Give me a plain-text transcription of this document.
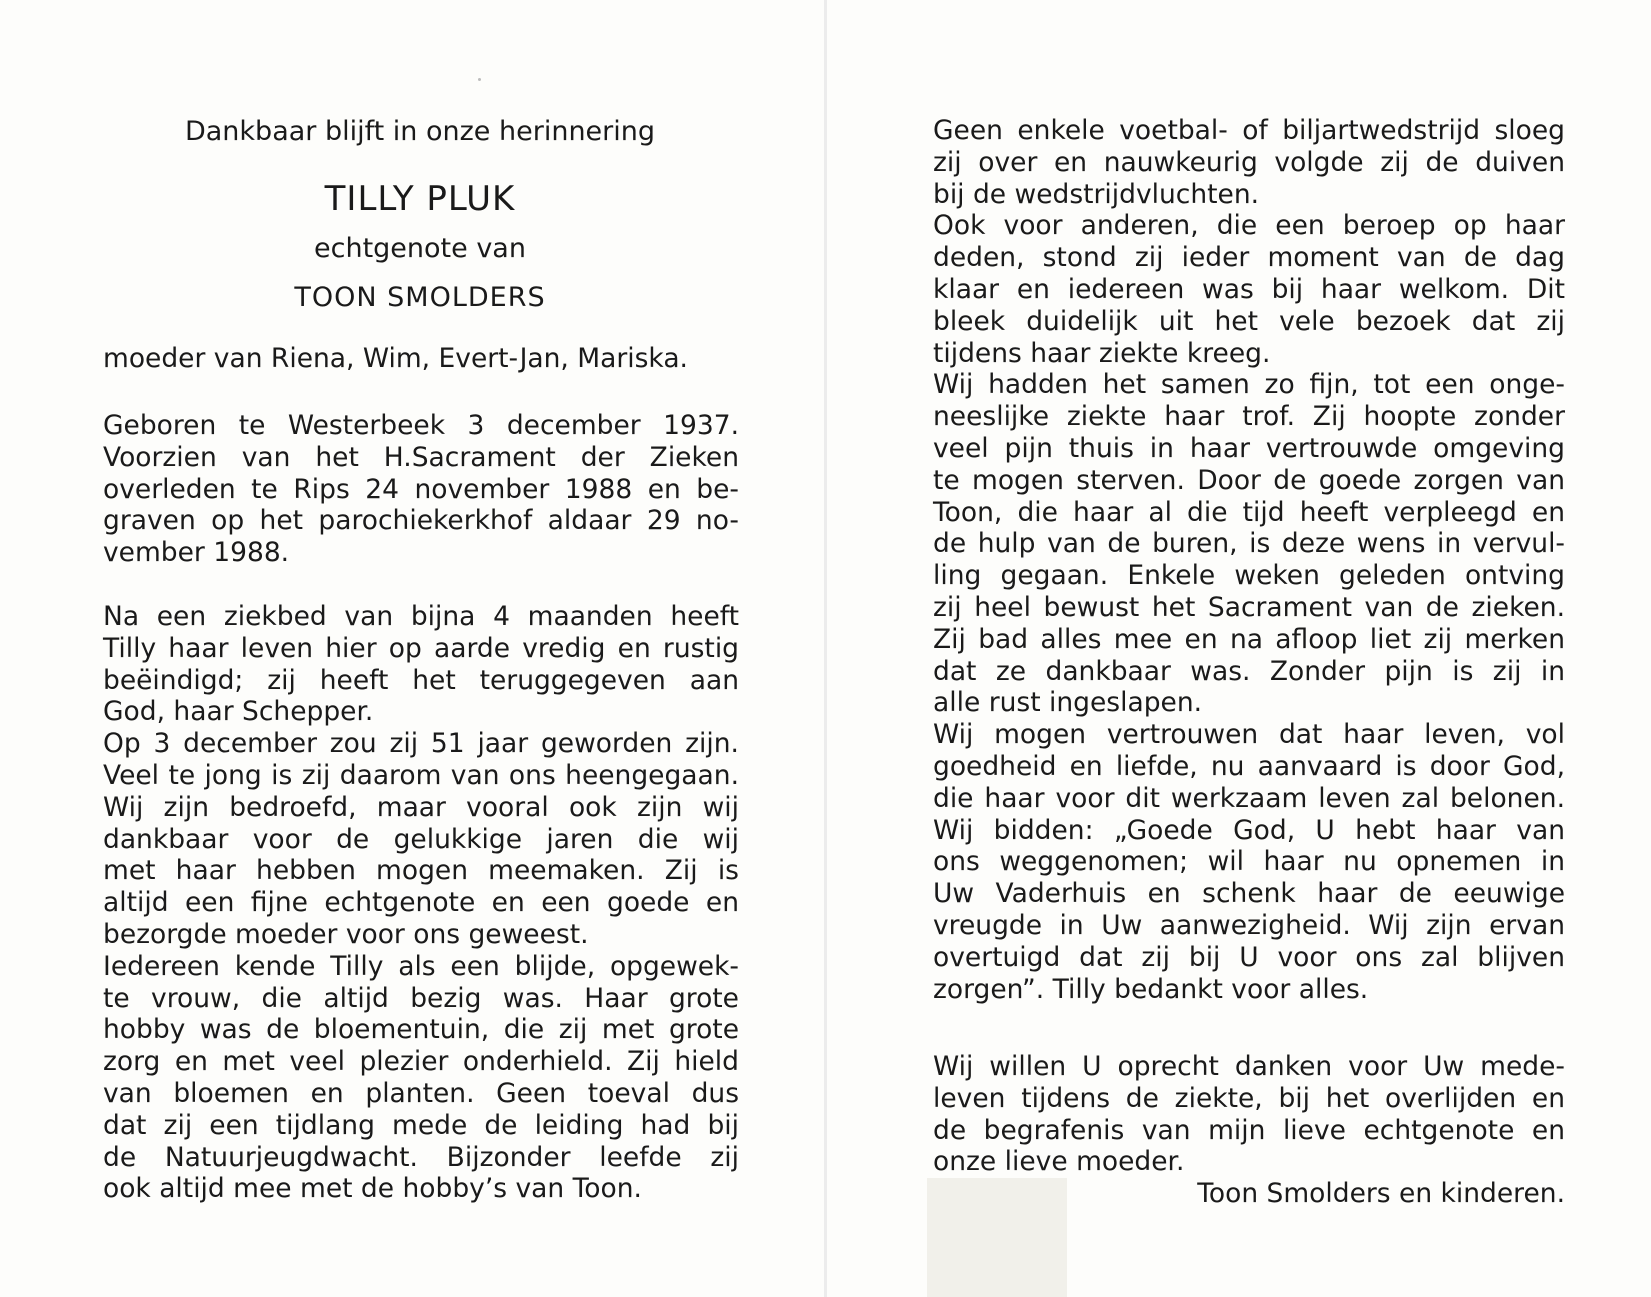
Dankbaar blijft in onze herinnering

TILLY PLUK

echtgenote van

TOON SMOLDERS

moeder van Riena, Wim, Evert-Jan, Mariska.
Geboren te Westerbeek 3 december 1937.
Voorzien van het H.Sacrament der Zieken
overleden te Rips 24 november 1988 en be-
graven op het parochiekerkhof aldaar 29 no-
vember 1988.
Na een ziekbed van bijna 4 maanden heeft
Tilly haar leven hier op aarde vredig en rustig
beëindigd; zij heeft het teruggegeven aan
God, haar Schepper.
Op 3 december zou zij 51 jaar geworden zijn.
Veel te jong is zij daarom van ons heengegaan.
Wij zijn bedroefd, maar vooral ook zijn wij
dankbaar voor de gelukkige jaren die wij
met haar hebben mogen meemaken. Zij is
altijd een fijne echtgenote en een goede en
bezorgde moeder voor ons geweest.
Iedereen kende Tilly als een blijde, opgewek-
te vrouw, die altijd bezig was. Haar grote
hobby was de bloementuin, die zij met grote
zorg en met veel plezier onderhield. Zij hield
van bloemen en planten. Geen toeval dus
dat zij een tijdlang mede de leiding had bij
de Natuurjeugdwacht. Bijzonder leefde zij
ook altijd mee met de hobby’s van Toon.
Geen enkele voetbal- of biljartwedstrijd sloeg
zij over en nauwkeurig volgde zij de duiven
bij de wedstrijdvluchten.
Ook voor anderen, die een beroep op haar
deden, stond zij ieder moment van de dag
klaar en iedereen was bij haar welkom. Dit
bleek duidelijk uit het vele bezoek dat zij
tijdens haar ziekte kreeg.
Wij hadden het samen zo fijn, tot een onge-
neeslijke ziekte haar trof. Zij hoopte zonder
veel pijn thuis in haar vertrouwde omgeving
te mogen sterven. Door de goede zorgen van
Toon, die haar al die tijd heeft verpleegd en
de hulp van de buren, is deze wens in vervul-
ling gegaan. Enkele weken geleden ontving
zij heel bewust het Sacrament van de zieken.
Zij bad alles mee en na afloop liet zij merken
dat ze dankbaar was. Zonder pijn is zij in
alle rust ingeslapen.
Wij mogen vertrouwen dat haar leven, vol
goedheid en liefde, nu aanvaard is door God,
die haar voor dit werkzaam leven zal belonen.
Wij bidden: „Goede God, U hebt haar van
ons weggenomen; wil haar nu opnemen in
Uw Vaderhuis en schenk haar de eeuwige
vreugde in Uw aanwezigheid. Wij zijn ervan
overtuigd dat zij bij U voor ons zal blijven
zorgen”. Tilly bedankt voor alles.
Wij willen U oprecht danken voor Uw mede-
leven tijdens de ziekte, bij het overlijden en
de begrafenis van mijn lieve echtgenote en
onze lieve moeder.
Toon Smolders en kinderen.
